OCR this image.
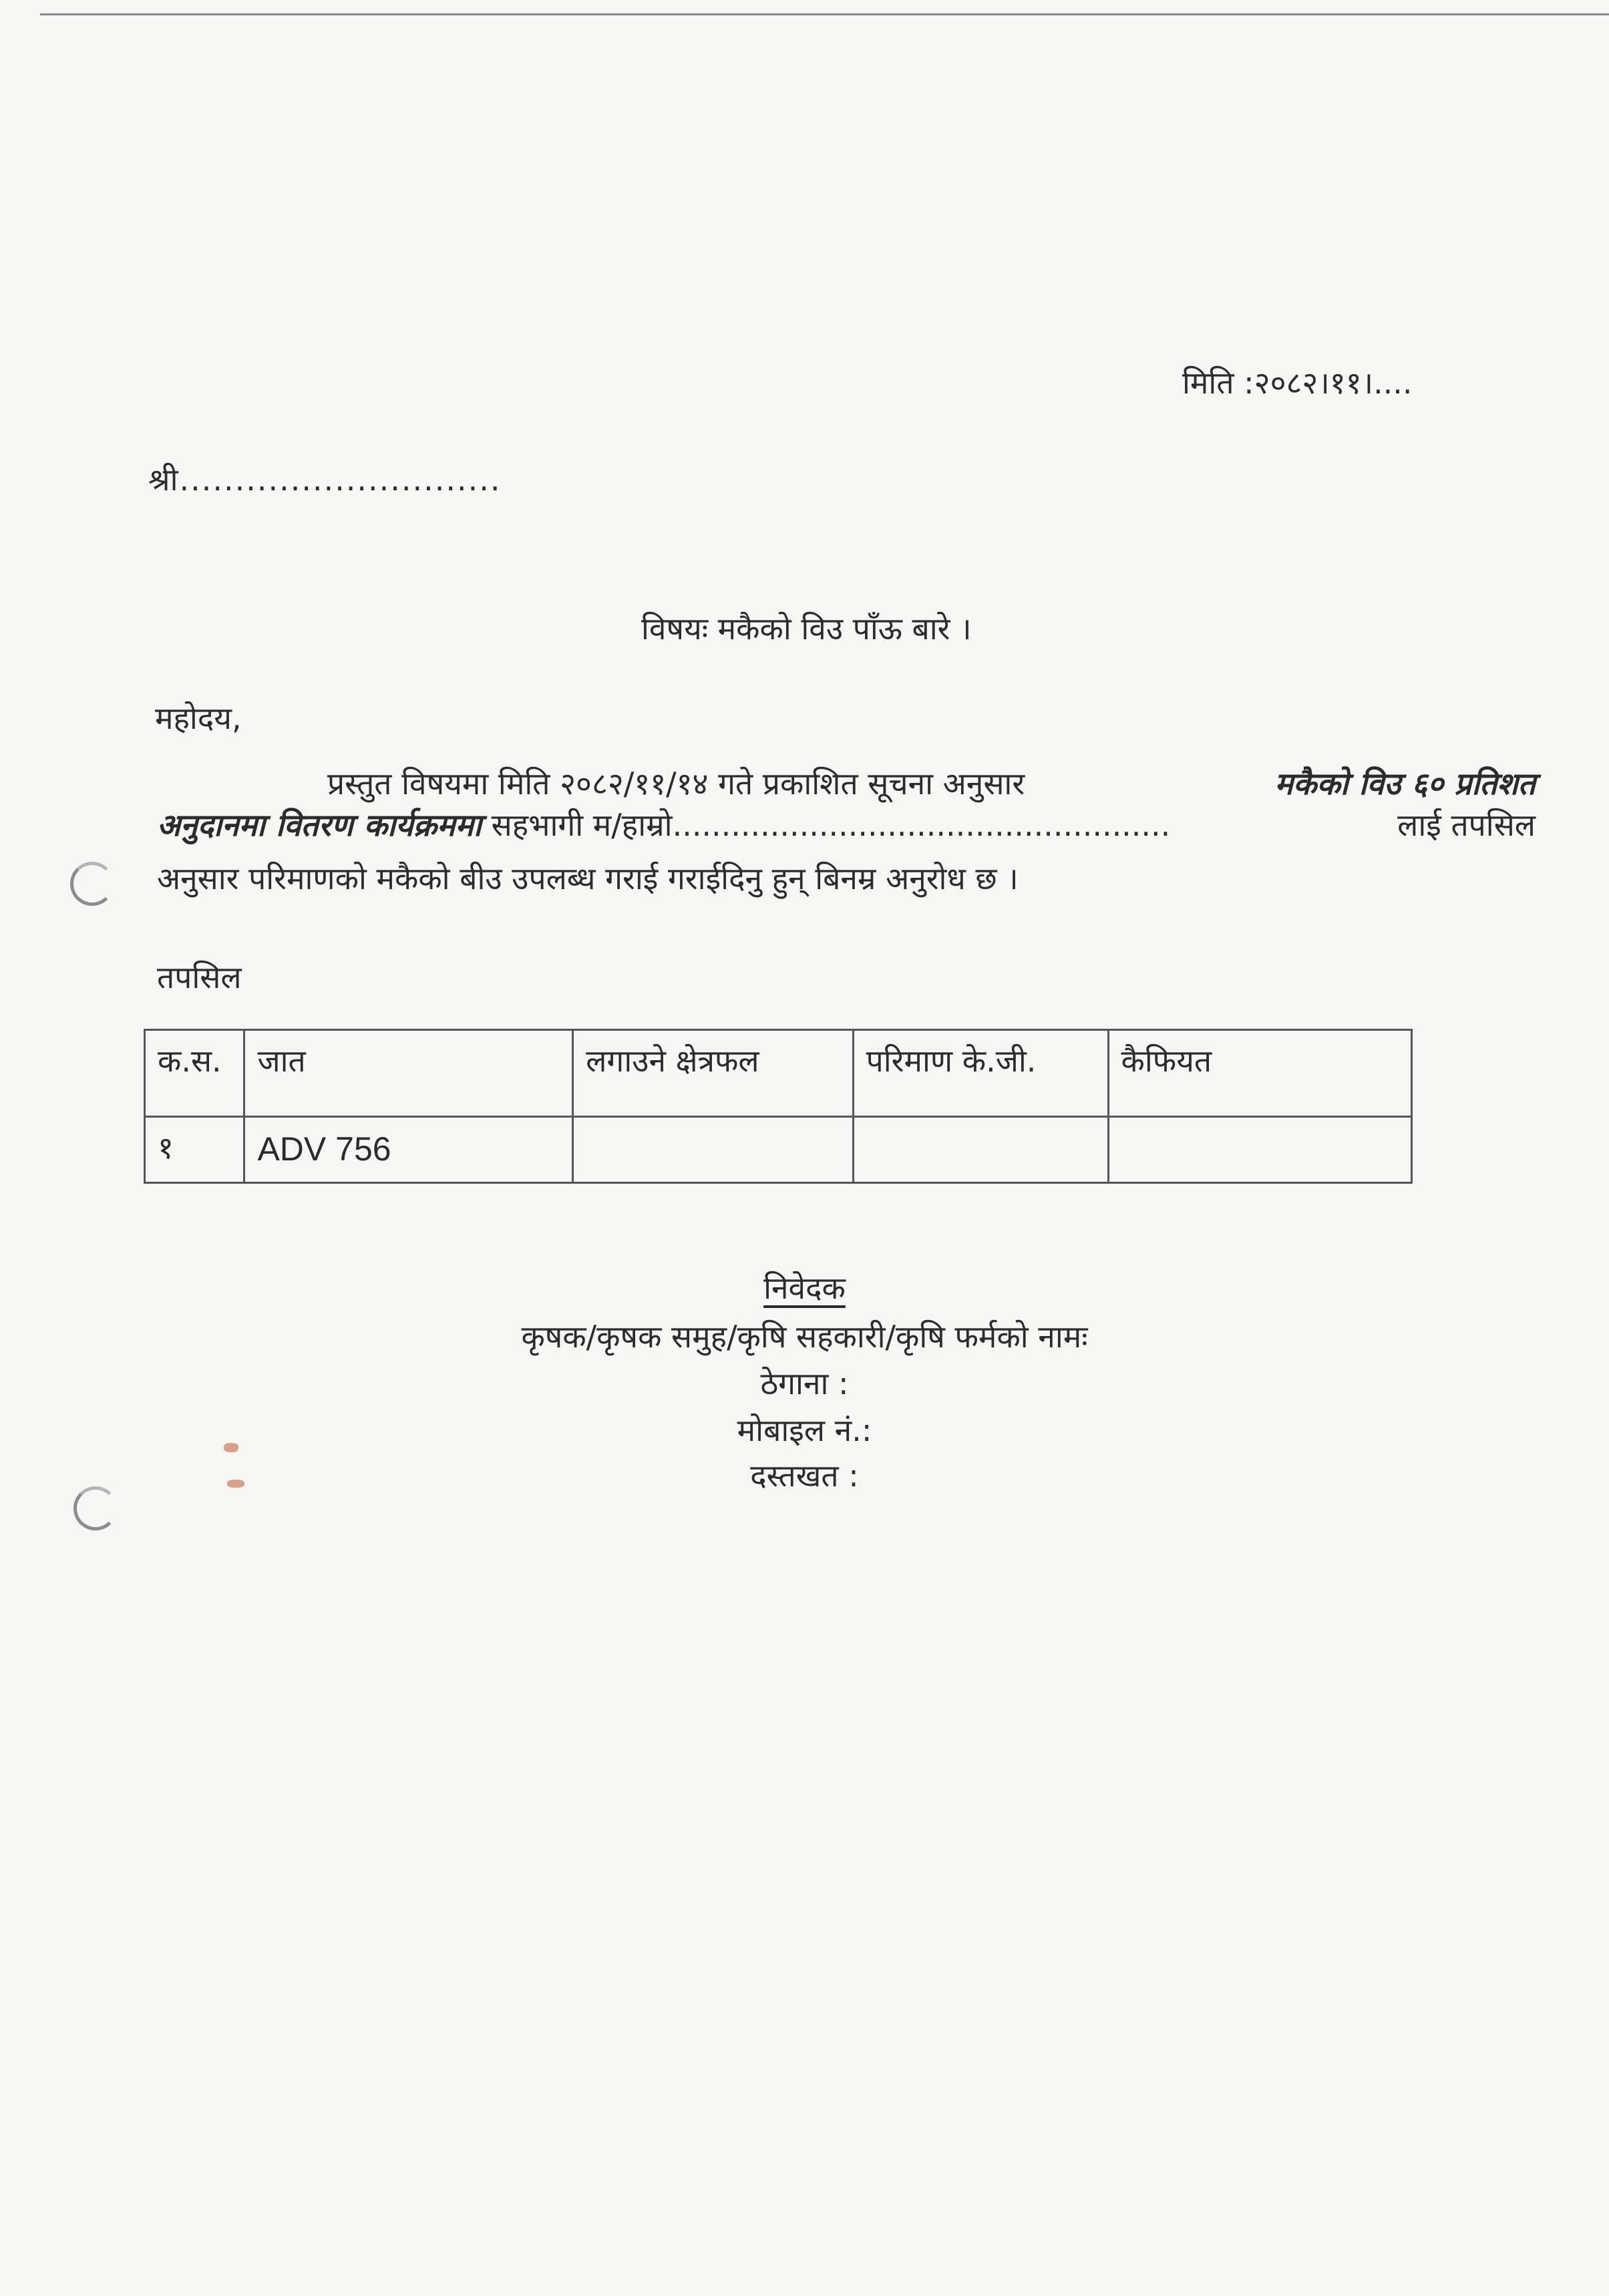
मिति :२०८२।११।....
श्री.............................
विषयः मकैको विउ पाँऊ बारे ।
महोदय,
प्रस्तुत विषयमा मिति २०८२/११/१४ गते प्रकाशित सूचना अनुसार	मकैको विउ ६० प्रतिशत
अनुदानमा वितरण कार्यक्रममा सहभागी म/हाम्रो...................................................	लाई तपसिल
अनुसार परिमाणको मकैको बीउ उपलब्ध गराई गराईदिनु हुन् बिनम्र अनुरोध छ ।
तपसिल
क.स.	जात	लगाउने क्षेत्रफल	परिमाण के.जी.	कैफियत
१	ADV 756			
निवेदक
कृषक/कृषक समुह/कृषि सहकारी/कृषि फर्मको नामः
ठेगाना :
मोबाइल नं.:
दस्तखत :
